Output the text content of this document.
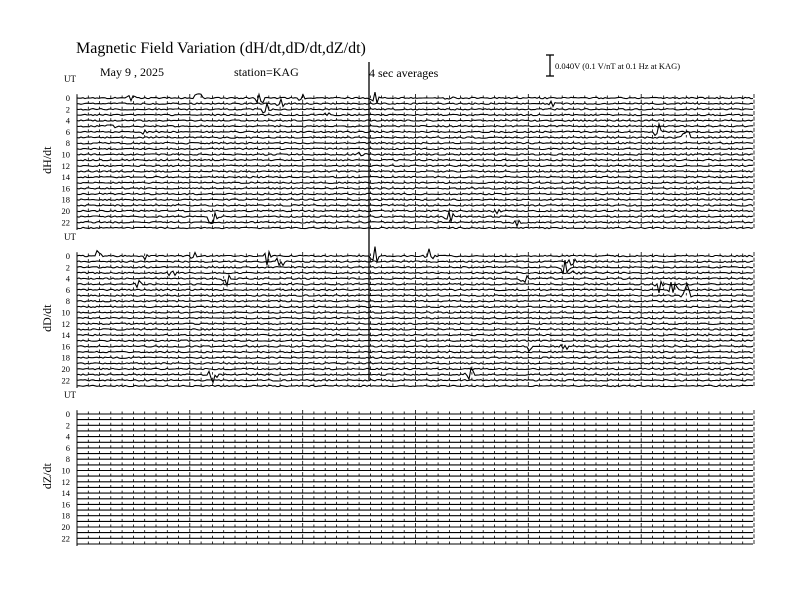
Magnetic Field Variation (dH/dt,dD/dt,dZ/dt)
May 9 , 2025	station=KAG	4 sec averages	0.040V (0.1 V/nT at 0.1 Hz at KAG)
UT
0
2
4
6
8
10
12
14
16
18
20
22
dH/dt
UT
0
2
4
6
8
10
12
14
16
18
20
22
dD/dt
UT
0
2
4
6
8
10
12
14
16
18
20
22
dZ/dt
